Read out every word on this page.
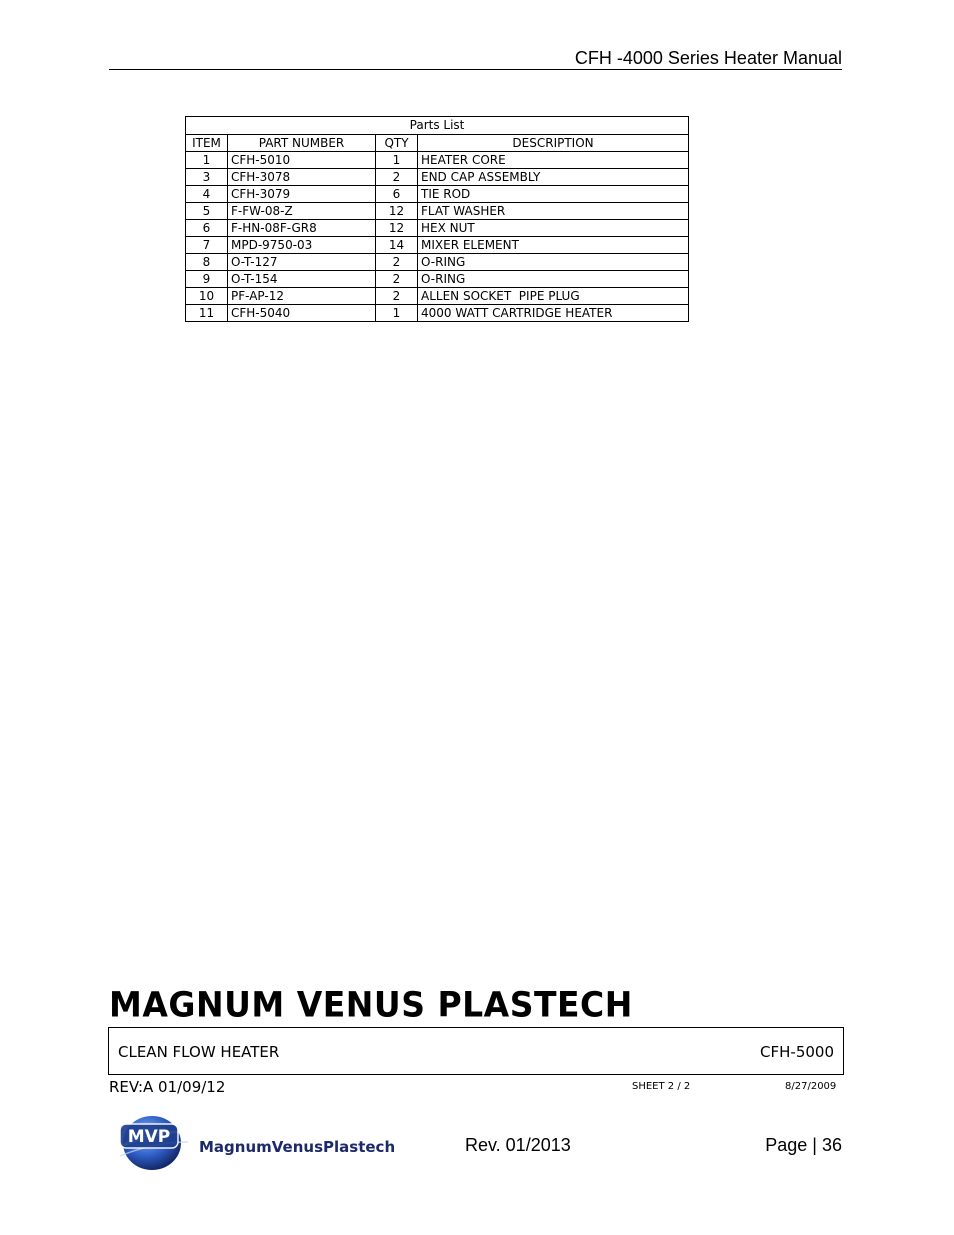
CFH -4000 Series Heater Manual
Parts List			
ITEM	PART NUMBER	QTY	DESCRIPTION
1	CFH-5010	1	HEATER CORE
3	CFH-3078	2	END CAP ASSEMBLY
4	CFH-3079	6	TIE ROD
5	F-FW-08-Z	12	FLAT WASHER
6	F-HN-08F-GR8	12	HEX NUT
7	MPD-9750-03	14	MIXER ELEMENT
8	O-T-127	2	O-RING
9	O-T-154	2	O-RING
10	PF-AP-12	2	ALLEN SOCKET  PIPE PLUG
11	CFH-5040	1	4000 WATT CARTRIDGE HEATER
MAGNUM VENUS PLASTECH
CLEAN FLOW HEATER	CFH-5000
REV:A 01/09/12	SHEET 2 / 2	8/27/2009
MVP MagnumVenusPlastech	Rev. 01/2013	Page | 36
